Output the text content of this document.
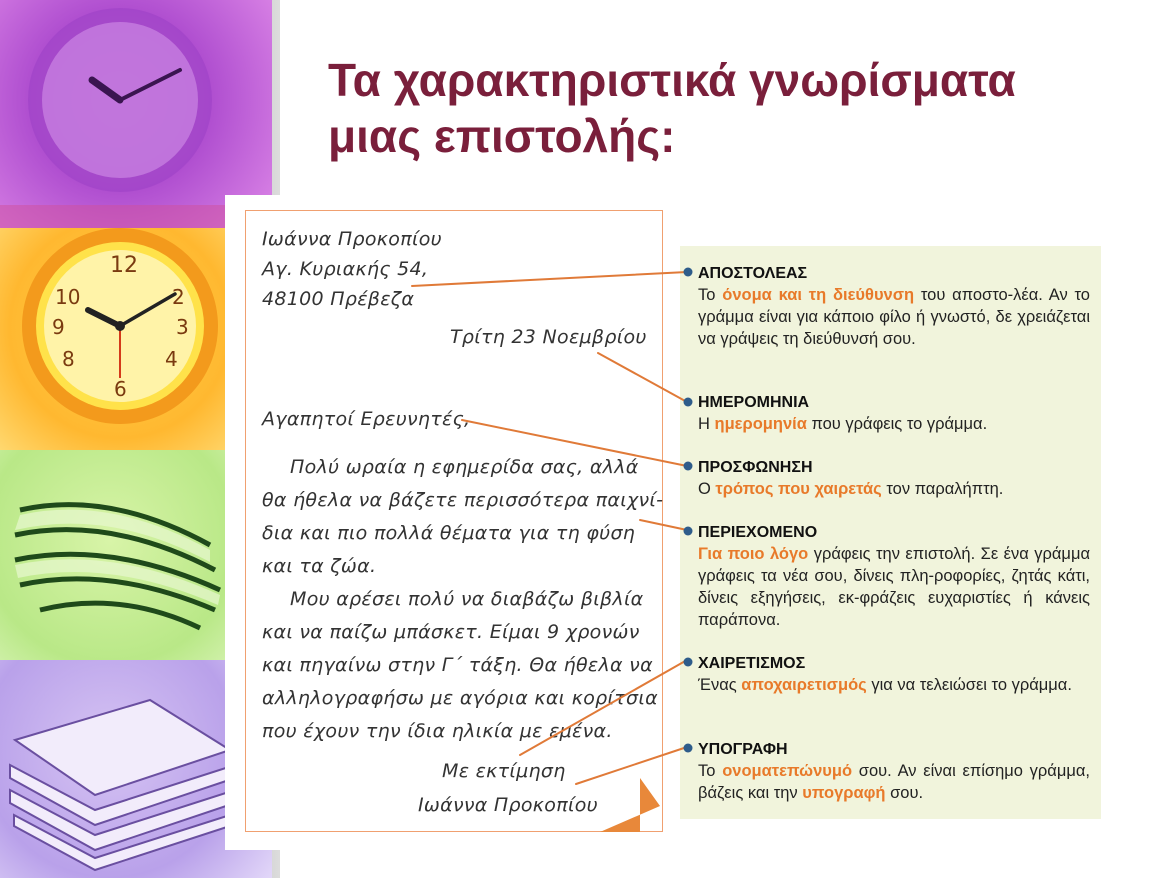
12
10	2
9	3
8	4
6
Τα χαρακτηριστικά γνωρίσματα
μιας επιστολής:
Ιωάννα Προκοπίου
Αγ. Κυριακής 54,
48100 Πρέβεζα
Τρίτη 23 Νοεμβρίου
Αγαπητοί Ερευνητές,
Πολύ ωραία η εφημερίδα σας, αλλά
θα ήθελα να βάζετε περισσότερα παιχνί-
δια και πιο πολλά θέματα για τη φύση
και τα ζώα.
Μου αρέσει πολύ να διαβάζω βιβλία
και να παίζω μπάσκετ. Είμαι 9 χρονών
και πηγαίνω στην Γ΄ τάξη. Θα ήθελα να
αλληλογραφήσω με αγόρια και κορίτσια
που έχουν την ίδια ηλικία με εμένα.
Με εκτίμηση
Ιωάννα Προκοπίου
ΑΠΟΣΤΟΛΕΑΣ
Το όνομα και τη διεύθυνση του αποστο-λέα. Αν το γράμμα είναι για κάποιο φίλο ή γνωστό, δε χρειάζεται να γράψεις τη διεύθυνσή σου.
ΗΜΕΡΟΜΗΝΙΑ
Η ημερομηνία που γράφεις το γράμμα.
ΠΡΟΣΦΩΝΗΣΗ
Ο τρόπος που χαιρετάς τον παραλήπτη.
ΠΕΡΙΕΧΟΜΕΝΟ
Για ποιο λόγο γράφεις την επιστολή. Σε ένα γράμμα γράφεις τα νέα σου, δίνεις πλη-ροφορίες, ζητάς κάτι, δίνεις εξηγήσεις, εκ-φράζεις ευχαριστίες ή κάνεις παράπονα.
ΧΑΙΡΕΤΙΣΜΟΣ
Ένας αποχαιρετισμός για να τελειώσει το γράμμα.
ΥΠΟΓΡΑΦΗ
Το ονοματεπώνυμό σου. Αν είναι επίσημο γράμμα, βάζεις και την υπογραφή σου.
